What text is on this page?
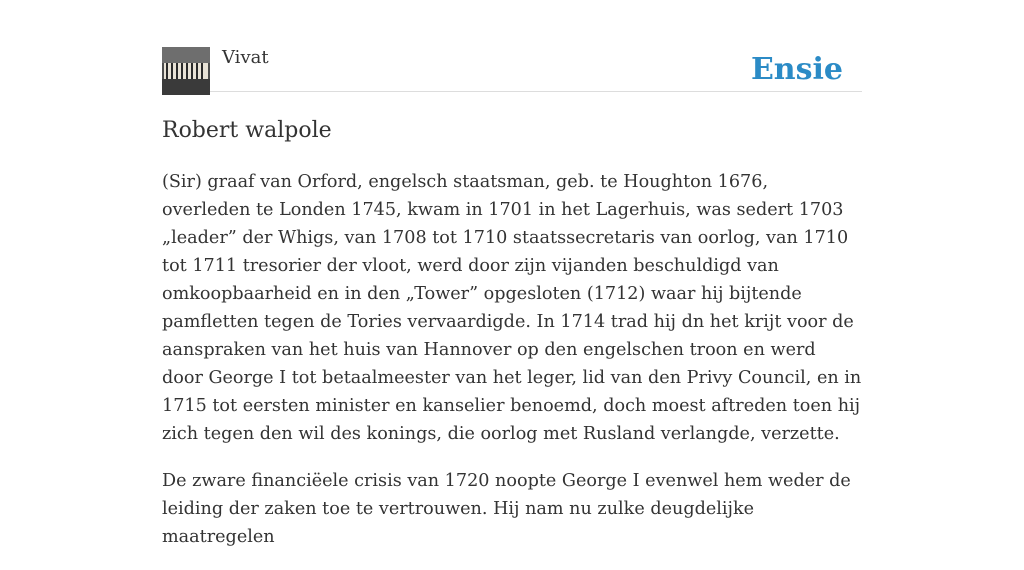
Vivat	Ensie
Robert walpole

(Sir) graaf van Orford, engelsch staatsman, geb. te Houghton 1676, overleden te Londen 1745, kwam in 1701 in het Lagerhuis, was sedert 1703 „leader” der Whigs, van 1708 tot 1710 staatssecretaris van oorlog, van 1710 tot 1711 tresorier der vloot, werd door zijn vijanden beschuldigd van omkoopbaarheid en in den „Tower” opgesloten (1712) waar hij bijtende pamfletten tegen de Tories vervaardigde. In 1714 trad hij dn het krijt voor de aanspraken van het huis van Hannover op den engelschen troon en werd door George I tot betaalmeester van het leger, lid van den Privy Council, en in 1715 tot eersten minister en kanselier benoemd, doch moest aftreden toen hij zich tegen den wil des konings, die oorlog met Rusland verlangde, verzette.

De zware financiëele crisis van 1720 noopte George I evenwel hem weder de leiding der zaken toe te vertrouwen. Hij nam nu zulke deugdelijke maatregelen
